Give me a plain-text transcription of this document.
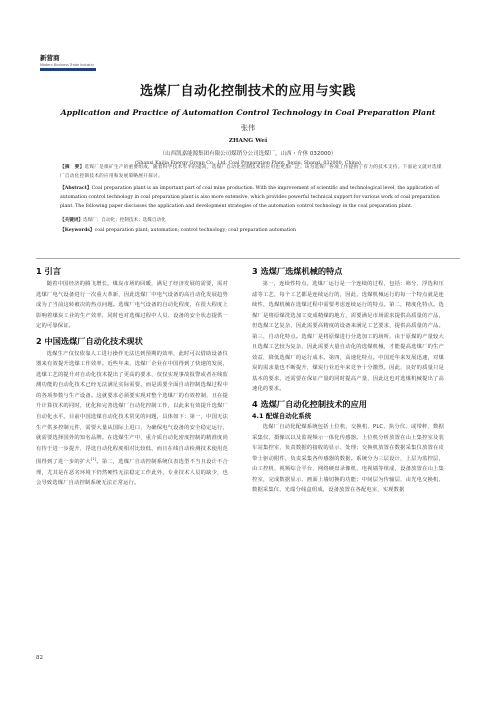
新营商
Modern Business Trade Industry
选煤厂自动化控制技术的应用与实践
Application and Practice of Automation Control Technology in Coal Preparation Plant
张伟
ZHANG Wei
（山西凯嘉能源集团有限公司煤销分公司选煤厂，山西・介休 032000）
(Shanxi Kaijia Energy Group Co., Ltd. Coal Preparation Plant, Jiexiu, Shanxi, 032000, China)

【摘　要】选煤厂是煤矿生产的重要组成，随着科学技术水平的提高，选煤厂自动化控制技术的应用也更加广泛。该为选煤厂各项工作提供了有力的技术支持。下面论文就对选煤厂自动化控制技术的应用和发展策略展开探讨。

【Abstract】Coal preparation plant is an important part of coal mine production. With the improvement of scientific and technological level, the application of automation control technology in coal preparation plant is also more extensive, which provides powerful technical support for various work of coal preparation plant. The following paper discusses the application and development strategies of the automation control technology in the coal preparation plant.

【关键词】选煤厂；自动化；控制技术；选煤自动化

【Keywords】coal preparation plant; automation; control technology; coal preparation automation

1 引言

随着中国经济的腾飞增长，煤炭市场的回暖，满足了经济发展的需要，需对选煤厂电气设备进行一次重大革新，因此选煤厂中电气设备的高自动化发展趋势成为了当前这转被决的热点问题。选煤厂电气设备的自动化程度，在很大程度上影响着煤炭工业的生产效率，同时也对选煤过程中人员、设备的安全状态提供一定的可靠保证。

2 中国选煤厂自动化技术现状

选煤生产仅仅依靠人工进行操作无法达到预期的效率，此时可以借助设备仪器来有效提升选煤工作效率。近些年来，选煤厂企业在中国得到了快速的发展，选煤工艺的提升对自动化技术提出了更高的要求，仅仅实现事故报警或者在线监测功能的自动化技术已经无法满足实际需要，而是需要全面自动控制选煤过程中的各项参数与生产设备。这就要求必须要实现对整个选煤厂的有效控制，且在提升计算技术的同时，优化和完善选煤厂自动化控制工作，以此来有效提升选煤厂自动化水平。目前中国选煤自动化技术常见的问题，具体如下：第一，中国无法生产供多控制元件，需要大量从国际上进口，为确保电气设备的安全稳定运行，就需要选择国外的知名品牌。在选煤生产中，重介质自动化密度控制的精准度尚有待于进一步提升，浮选自动化程度相对比较低，而且在线自动检测技术使用范围得到了进一步的扩大[1]。第二，选煤厂自动控制系统仪表选型不当且设计不合理，尤其是在恶劣环境下仍然硬性无法稳定工作此外，专业技术人员的缺少，也会导致选煤厂自动控制系统无法正常运行。

3 选煤厂选煤机械的特点

第一，连续性特点。选煤厂运行是一个连续的过程，包括：筛分、浮选和压滤等工艺，每个工艺都是连续运行的，因此，选煤机械运行的每一个特点就是连续性，选煤机械在选煤过程中需要考虑连续运行的特点。第二，精度化特点。选煤厂是将原煤洗选加工变成精煤的地方，需要满足市场需求提供高质量的产品，但选煤工艺复杂，因此需要高精度的设备来满足工艺要求，提供高质量的产品。第三，自动化特点。选煤厂是将原煤进行分选加工的场所，由于原煤的产量较大且选煤工艺较为复杂，因此需要大量自动化的选煤机械，才能提高选煤厂的生产效益，降低选煤厂的运行成本。第四，高速化特点。中国近年来发展迅速，对煤炭的需求量也不断提升，煤炭行业近年来竞争十分激烈。因此，良好的质量只是基本的要求，还需要在保证产量的同时提高产量，因此这也对选煤机械提出了高速化的要求。

4 选煤厂自动化控制技术的应用
4.1 配煤自动化系统

选煤厂自动化配煤系统包括上位机、交换机、PLC、执分仪、或带秤、数据采集仪、摄像以以及监视频示一体化传感器。上位机分析放置在山上集控室及装车站集控室，负责数据的接收的显示、处理；交换机放置在数据采集仪放置在皮带士驱动附件，负责采集各传感器的数据。系统分为三层设计，上层为监控层，由工控机、视频综合平台、网络硬盘录像机、电视墙等组成，设备放置在山上集控室，完成数据显示、画面上墙切换的功能；中间层为传输层，由光电交换机、数据采集仪、光端分线盒组成，设备放置在各配电室，实现数据

82
